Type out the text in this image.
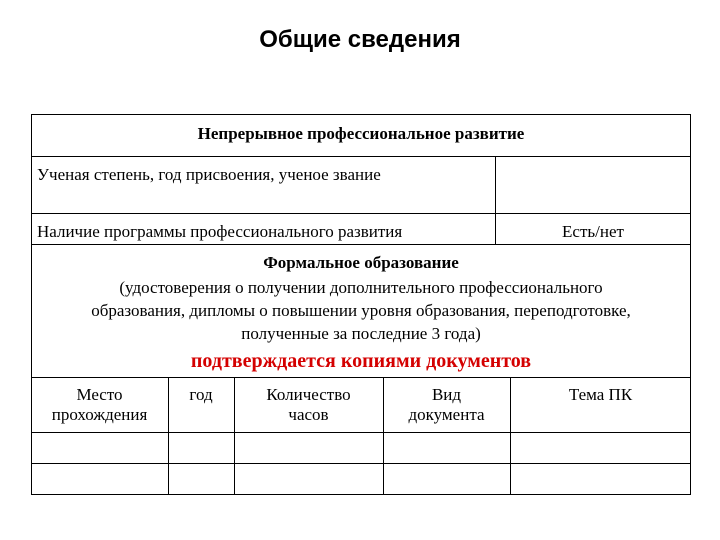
Общие сведения
Непрерывное профессиональное развитие
Ученая степень, год присвоения, ученое звание
Наличие программы профессионального развития	Есть/нет
Формальное образование
(удостоверения о получении дополнительного профессионального
образования, дипломы о повышении уровня образования, переподготовке,
полученные за последние 3 года)
подтверждается копиями документов
Место
прохождения
год	Количество
часов
Вид
документа
Тема ПК
